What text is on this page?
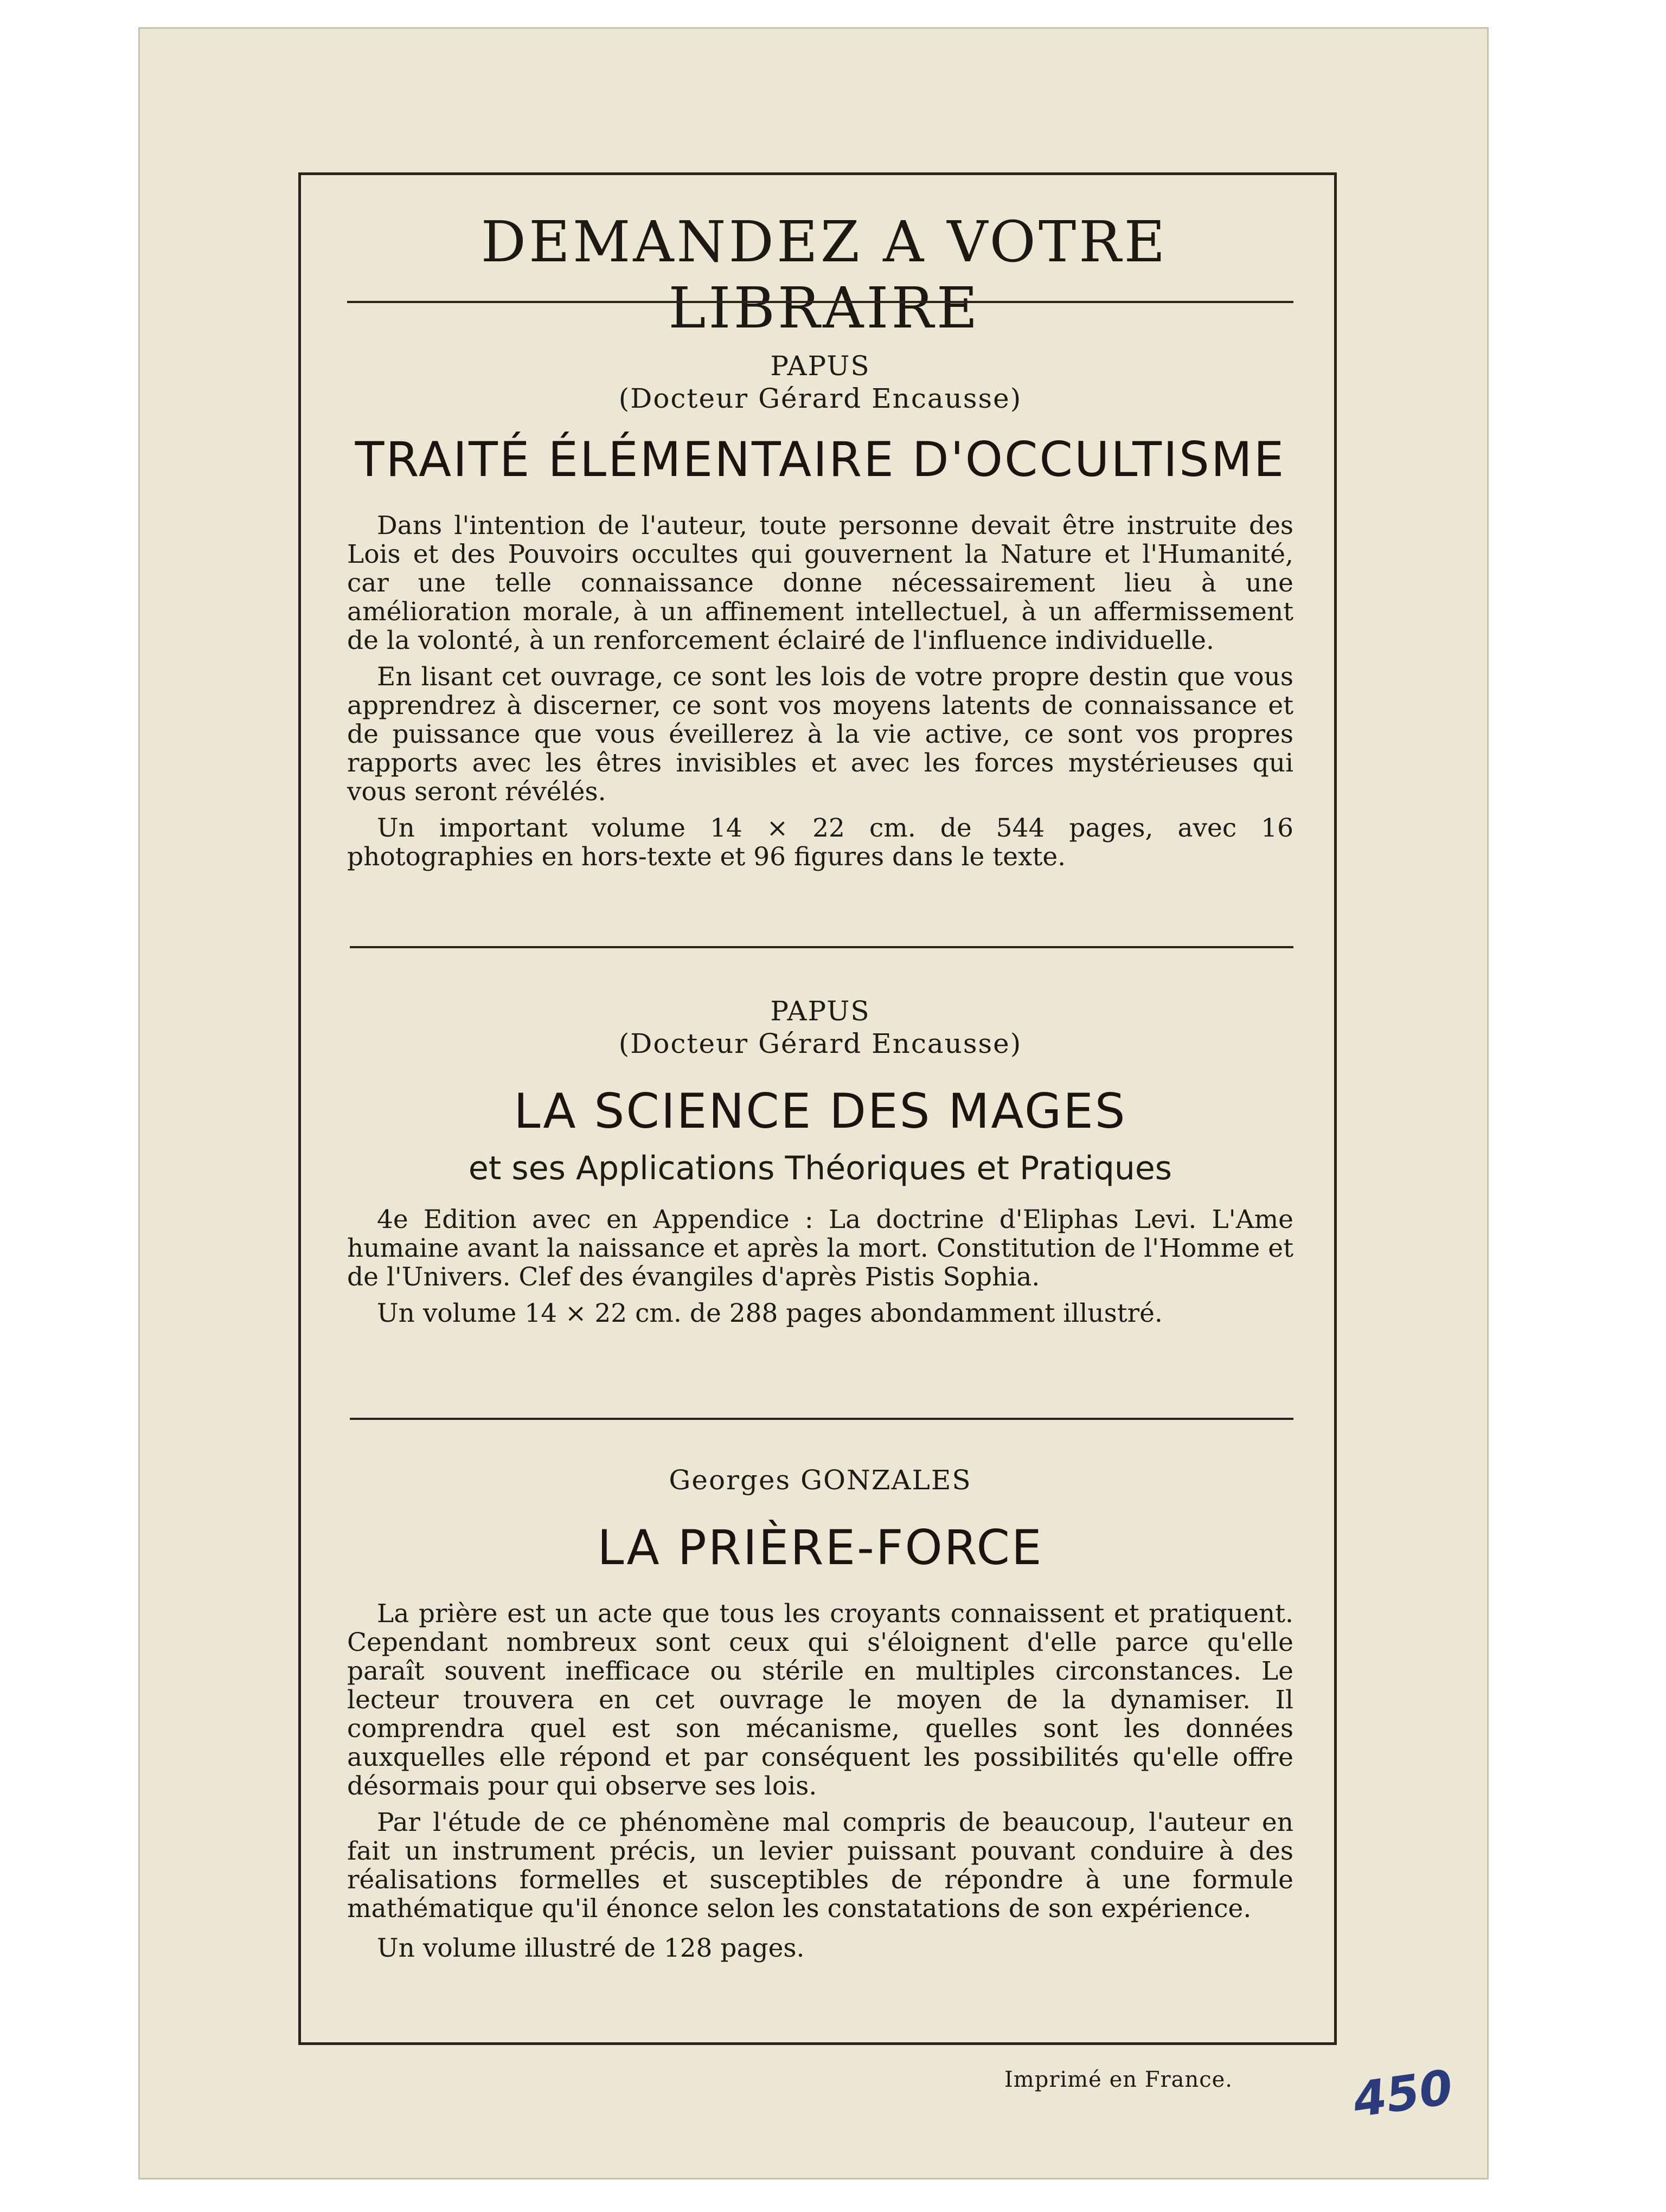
DEMANDEZ A VOTRE LIBRAIRE
PAPUS
(Docteur Gérard Encausse)
TRAITÉ ÉLÉMENTAIRE D'OCCULTISME

Dans l'intention de l'auteur, toute personne devait être instruite des Lois et des Pouvoirs occultes qui gouvernent la Nature et l'Humanité, car une telle connaissance donne nécessairement lieu à une amélioration morale, à un affinement intellectuel, à un affermissement de la volonté, à un renforcement éclairé de l'influence individuelle.

En lisant cet ouvrage, ce sont les lois de votre propre destin que vous apprendrez à discerner, ce sont vos moyens latents de connaissance et de puissance que vous éveillerez à la vie active, ce sont vos propres rapports avec les êtres invisibles et avec les forces mystérieuses qui vous seront révélés.

Un important volume 14 × 22 cm. de 544 pages, avec 16 photographies en hors-texte et 96 figures dans le texte.

PAPUS
(Docteur Gérard Encausse)
LA SCIENCE DES MAGES
et ses Applications Théoriques et Pratiques

4e Edition avec en Appendice : La doctrine d'Eliphas Levi. L'Ame humaine avant la naissance et après la mort. Constitution de l'Homme et de l'Univers. Clef des évangiles d'après Pistis Sophia.

Un volume 14 × 22 cm. de 288 pages abondamment illustré.

Georges GONZALES
LA PRIÈRE-FORCE

La prière est un acte que tous les croyants connaissent et pratiquent. Cependant nombreux sont ceux qui s'éloignent d'elle parce qu'elle paraît souvent inefficace ou stérile en multiples circonstances. Le lecteur trouvera en cet ouvrage le moyen de la dynamiser. Il comprendra quel est son mécanisme, quelles sont les données auxquelles elle répond et par conséquent les possibilités qu'elle offre désormais pour qui observe ses lois.

Par l'étude de ce phénomène mal compris de beaucoup, l'auteur en fait un instrument précis, un levier puissant pouvant conduire à des réalisations formelles et susceptibles de répondre à une formule mathématique qu'il énonce selon les constatations de son expérience.

Un volume illustré de 128 pages.

Imprimé en France. 450
